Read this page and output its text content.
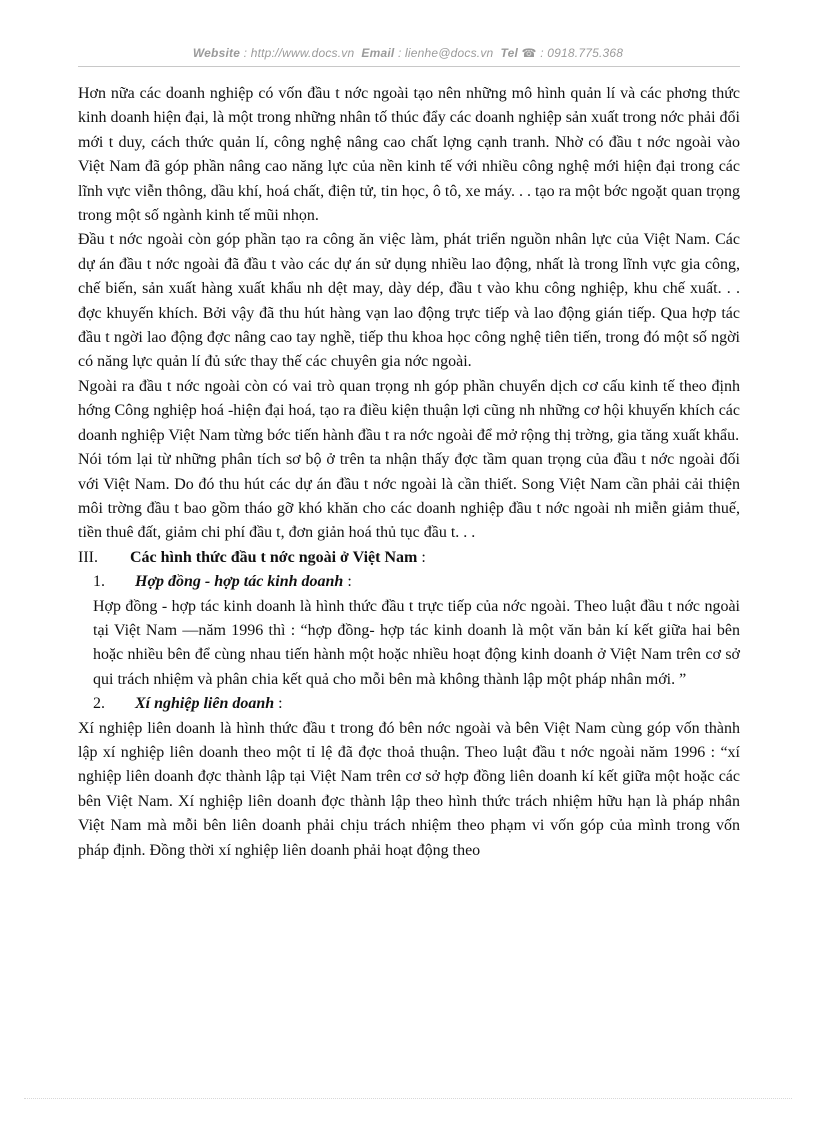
Website : http://www.docs.vn Email : lienhe@docs.vn Tel ☎ : 0918.775.368

Hơn nữa các doanh nghiệp có vốn đầu t nớc ngoài tạo nên những mô hình quản lí và các phơng thức kinh doanh hiện đại, là một trong những nhân tố thúc đẩy các doanh nghiệp sản xuất trong nớc phải đổi mới t duy, cách thức quản lí, công nghệ nâng cao chất lợng cạnh tranh. Nhờ có đầu t nớc ngoài vào Việt Nam đã góp phần nâng cao năng lực của nền kinh tế với nhiều công nghệ mới hiện đại trong các lĩnh vực viễn thông, dầu khí, hoá chất, điện tử, tin học, ô tô, xe máy. . . tạo ra một bớc ngoặt quan trọng trong một số ngành kinh tế mũi nhọn.

Đầu t nớc ngoài còn góp phần tạo ra công ăn việc làm, phát triển nguồn nhân lực của Việt Nam. Các dự án đầu t nớc ngoài đã đầu t vào các dự án sử dụng nhiều lao động, nhất là trong lĩnh vực gia công, chế biến, sản xuất hàng xuất khẩu nh dệt may, dày dép, đầu t vào khu công nghiệp, khu chế xuất. . . đợc khuyến khích. Bởi vậy đã thu hút hàng vạn lao động trực tiếp và lao động gián tiếp. Qua hợp tác đầu t ngời lao động đợc nâng cao tay nghề, tiếp thu khoa học công nghệ tiên tiến, trong đó một số ngời có năng lực quản lí đủ sức thay thế các chuyên gia nớc ngoài.

Ngoài ra đầu t nớc ngoài còn có vai trò quan trọng nh góp phần chuyển dịch cơ cấu kinh tế theo định hớng Công nghiệp hoá -hiện đại hoá, tạo ra điều kiện thuận lợi cũng nh những cơ hội khuyến khích các doanh nghiệp Việt Nam từng bớc tiến hành đầu t ra nớc ngoài để mở rộng thị trờng, gia tăng xuất khẩu.

Nói tóm lại từ những phân tích sơ bộ ở trên ta nhận thấy đợc tầm quan trọng của đầu t nớc ngoài đối với Việt Nam. Do đó thu hút các dự án đầu t nớc ngoài là cần thiết. Song Việt Nam cần phải cải thiện môi trờng đầu t bao gồm tháo gỡ khó khăn cho các doanh nghiệp đầu t nớc ngoài nh miễn giảm thuế, tiền thuê đất, giảm chi phí đầu t, đơn giản hoá thủ tục đầu t. . .

III. Các hình thức đầu t nớc ngoài ở Việt Nam :

1. Hợp đồng - hợp tác kinh doanh :

Hợp đồng - hợp tác kinh doanh là hình thức đầu t trực tiếp của nớc ngoài. Theo luật đầu t nớc ngoài tại Việt Nam —năm 1996 thì : “hợp đồng- hợp tác kinh doanh là một văn bản kí kết giữa hai bên hoặc nhiều bên để cùng nhau tiến hành một hoặc nhiều hoạt động kinh doanh ở Việt Nam trên cơ sở qui trách nhiệm và phân chia kết quả cho mỗi bên mà không thành lập một pháp nhân mới. ”

2. Xí nghiệp liên doanh :

Xí nghiệp liên doanh là hình thức đầu t trong đó bên nớc ngoài và bên Việt Nam cùng góp vốn thành lập xí nghiệp liên doanh theo một tỉ lệ đã đợc thoả thuận. Theo luật đầu t nớc ngoài năm 1996 : “xí nghiệp liên doanh đợc thành lập tại Việt Nam trên cơ sở hợp đồng liên doanh kí kết giữa một hoặc các bên Việt Nam. Xí nghiệp liên doanh đợc thành lập theo hình thức trách nhiệm hữu hạn là pháp nhân Việt Nam mà mỗi bên liên doanh phải chịu trách nhiệm theo phạm vi vốn góp của mình trong vốn pháp định. Đồng thời xí nghiệp liên doanh phải hoạt động theo
